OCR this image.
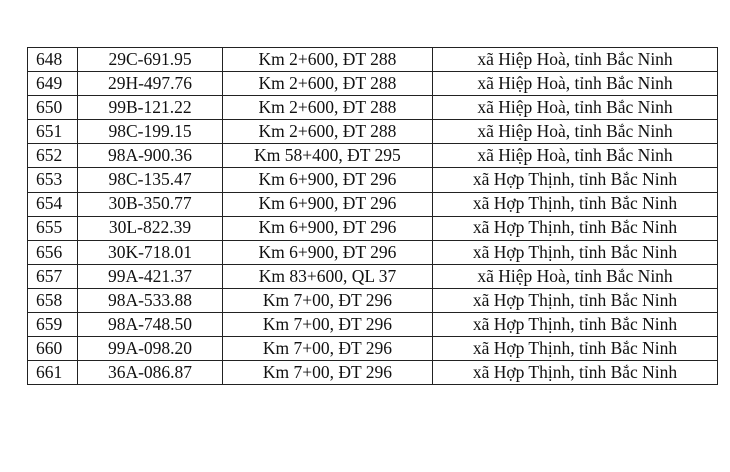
648	29C-691.95	Km 2+600, ĐT 288	xã Hiệp Hoà, tỉnh Bắc Ninh
649	29H-497.76	Km 2+600, ĐT 288	xã Hiệp Hoà, tỉnh Bắc Ninh
650	99B-121.22	Km 2+600, ĐT 288	xã Hiệp Hoà, tỉnh Bắc Ninh
651	98C-199.15	Km 2+600, ĐT 288	xã Hiệp Hoà, tỉnh Bắc Ninh
652	98A-900.36	Km 58+400, ĐT 295	xã Hiệp Hoà, tỉnh Bắc Ninh
653	98C-135.47	Km 6+900, ĐT 296	xã Hợp Thịnh, tỉnh Bắc Ninh
654	30B-350.77	Km 6+900, ĐT 296	xã Hợp Thịnh, tỉnh Bắc Ninh
655	30L-822.39	Km 6+900, ĐT 296	xã Hợp Thịnh, tỉnh Bắc Ninh
656	30K-718.01	Km 6+900, ĐT 296	xã Hợp Thịnh, tỉnh Bắc Ninh
657	99A-421.37	Km 83+600, QL 37	xã Hiệp Hoà, tỉnh Bắc Ninh
658	98A-533.88	Km 7+00, ĐT 296	xã Hợp Thịnh, tỉnh Bắc Ninh
659	98A-748.50	Km 7+00, ĐT 296	xã Hợp Thịnh, tỉnh Bắc Ninh
660	99A-098.20	Km 7+00, ĐT 296	xã Hợp Thịnh, tỉnh Bắc Ninh
661	36A-086.87	Km 7+00, ĐT 296	xã Hợp Thịnh, tỉnh Bắc Ninh
